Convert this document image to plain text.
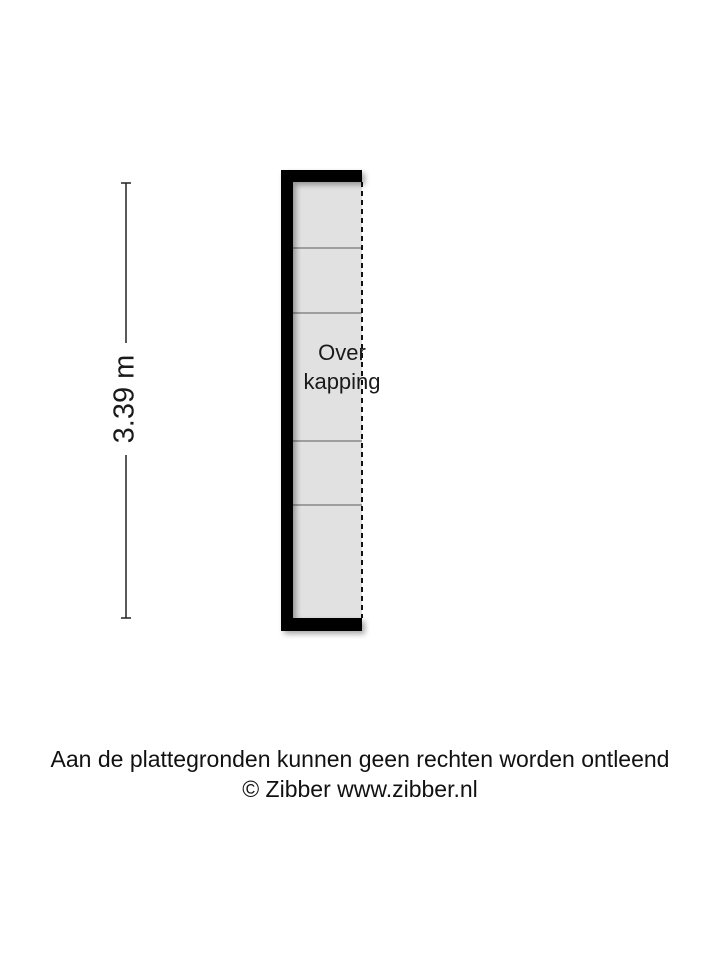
3.39 m
Over
kapping
Aan de plattegronden kunnen geen rechten worden ontleend
© Zibber www.zibber.nl
